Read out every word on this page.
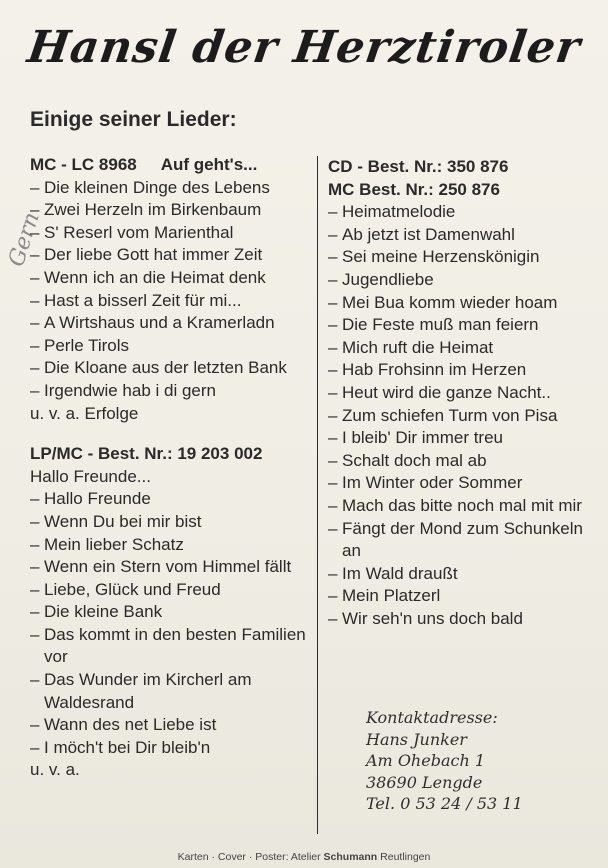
Hansl der Herztiroler
Einige seiner Lieder:
Gern
MC - LC 8968 Auf geht's...
– Die kleinen Dinge des Lebens
– Zwei Herzeln im Birkenbaum
– S' Reserl vom Marienthal
– Der liebe Gott hat immer Zeit
– Wenn ich an die Heimat denk
– Hast a bisserl Zeit für mi...
– A Wirtshaus und a Kramerladn
– Perle Tirols
– Die Kloane aus der letzten Bank
– Irgendwie hab i di gern
u. v. a. Erfolge
LP/MC - Best. Nr.: 19 203 002
Hallo Freunde...
– Hallo Freunde
– Wenn Du bei mir bist
– Mein lieber Schatz
– Wenn ein Stern vom Himmel fällt
– Liebe, Glück und Freud
– Die kleine Bank
– Das kommt in den besten Familien vor
– Das Wunder im Kircherl am Waldesrand
– Wann des net Liebe ist
– I möch't bei Dir bleib'n
u. v. a.
CD - Best. Nr.: 350 876
MC Best. Nr.: 250 876
– Heimatmelodie
– Ab jetzt ist Damenwahl
– Sei meine Herzenskönigin
– Jugendliebe
– Mei Bua komm wieder hoam
– Die Feste muß man feiern
– Mich ruft die Heimat
– Hab Frohsinn im Herzen
– Heut wird die ganze Nacht..
– Zum schiefen Turm von Pisa
– I bleib' Dir immer treu
– Schalt doch mal ab
– Im Winter oder Sommer
– Mach das bitte noch mal mit mir
– Fängt der Mond zum Schunkeln an
– Im Wald draußt
– Mein Platzerl
– Wir seh'n uns doch bald
Kontaktadresse:
Hans Junker
Am Ohebach 1
38690 Lengde
Tel. 0 53 24 / 53 11
Karten · Cover · Poster: Atelier Schumann Reutlingen
